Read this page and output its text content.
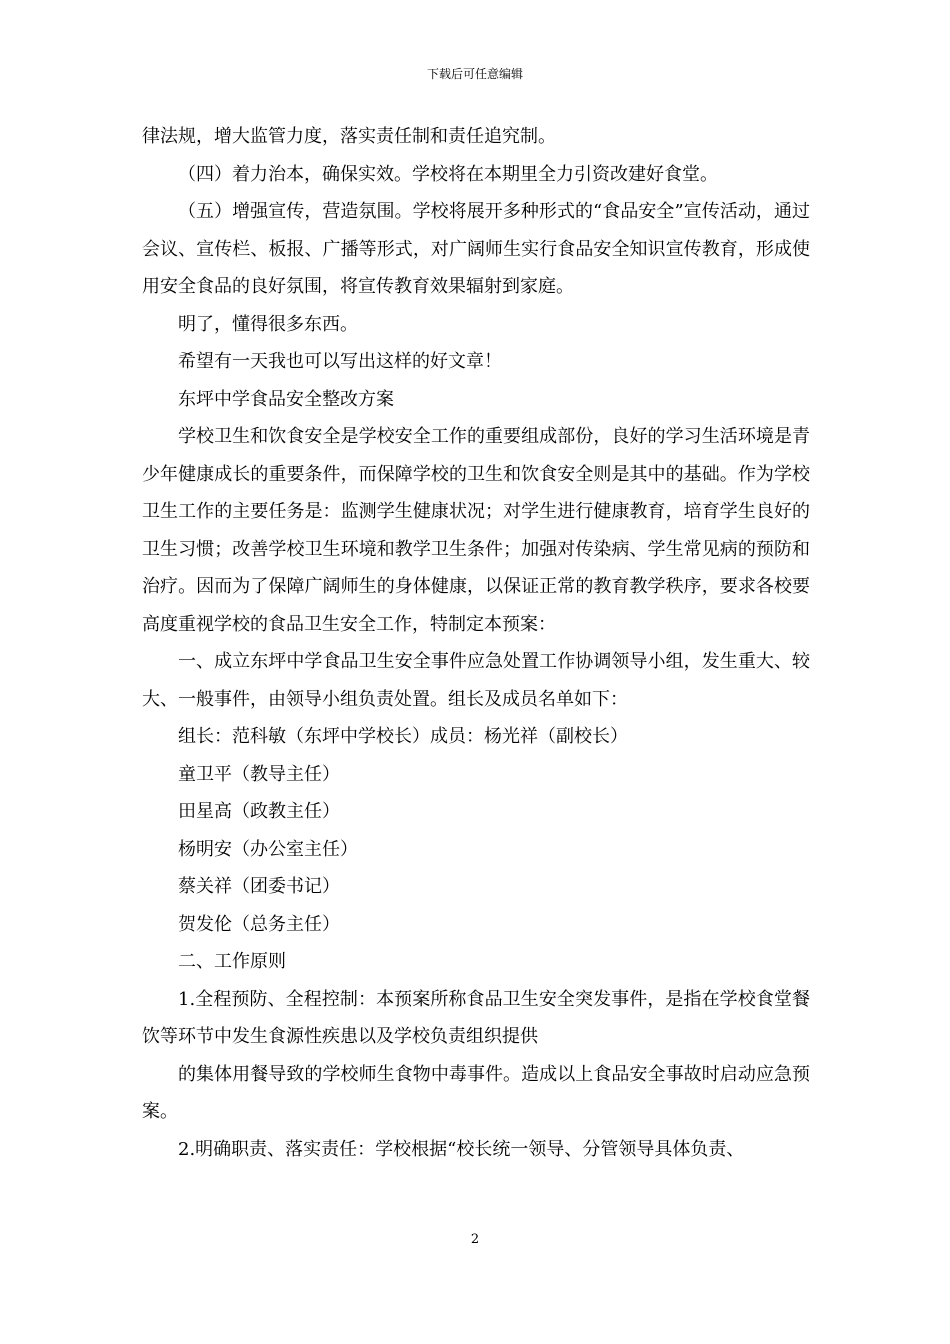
下载后可任意编辑

律法规，增大监管力度，落实责任制和责任追究制。

（四）着力治本，确保实效。学校将在本期里全力引资改建好食堂。

（五）增强宣传，营造氛围。学校将展开多种形式的“食品安全”宣传活动，通过会议、宣传栏、板报、广播等形式，对广阔师生实行食品安全知识宣传教育，形成使用安全食品的良好氛围，将宣传教育效果辐射到家庭。

明了，懂得很多东西。

希望有一天我也可以写出这样的好文章！

东坪中学食品安全整改方案

学校卫生和饮食安全是学校安全工作的重要组成部份，良好的学习生活环境是青少年健康成长的重要条件，而保障学校的卫生和饮食安全则是其中的基础。作为学校卫生工作的主要任务是：监测学生健康状况；对学生进行健康教育，培育学生良好的卫生习惯；改善学校卫生环境和教学卫生条件；加强对传染病、学生常见病的预防和治疗。因而为了保障广阔师生的身体健康，以保证正常的教育教学秩序，要求各校要高度重视学校的食品卫生安全工作，特制定本预案：

一、成立东坪中学食品卫生安全事件应急处置工作协调领导小组，发生重大、较大、一般事件，由领导小组负责处置。组长及成员名单如下：

组长：范科敏（东坪中学校长）成员：杨光祥（副校长）

童卫平（教导主任）

田星高（政教主任）

杨明安（办公室主任）

蔡关祥（团委书记）

贺发伦（总务主任）

二、工作原则

1.全程预防、全程控制：本预案所称食品卫生安全突发事件，是指在学校食堂餐饮等环节中发生食源性疾患以及学校负责组织提供

的集体用餐导致的学校师生食物中毒事件。造成以上食品安全事故时启动应急预案。

2.明确职责、落实责任：学校根据“校长统一领导、分管领导具体负责、

2
